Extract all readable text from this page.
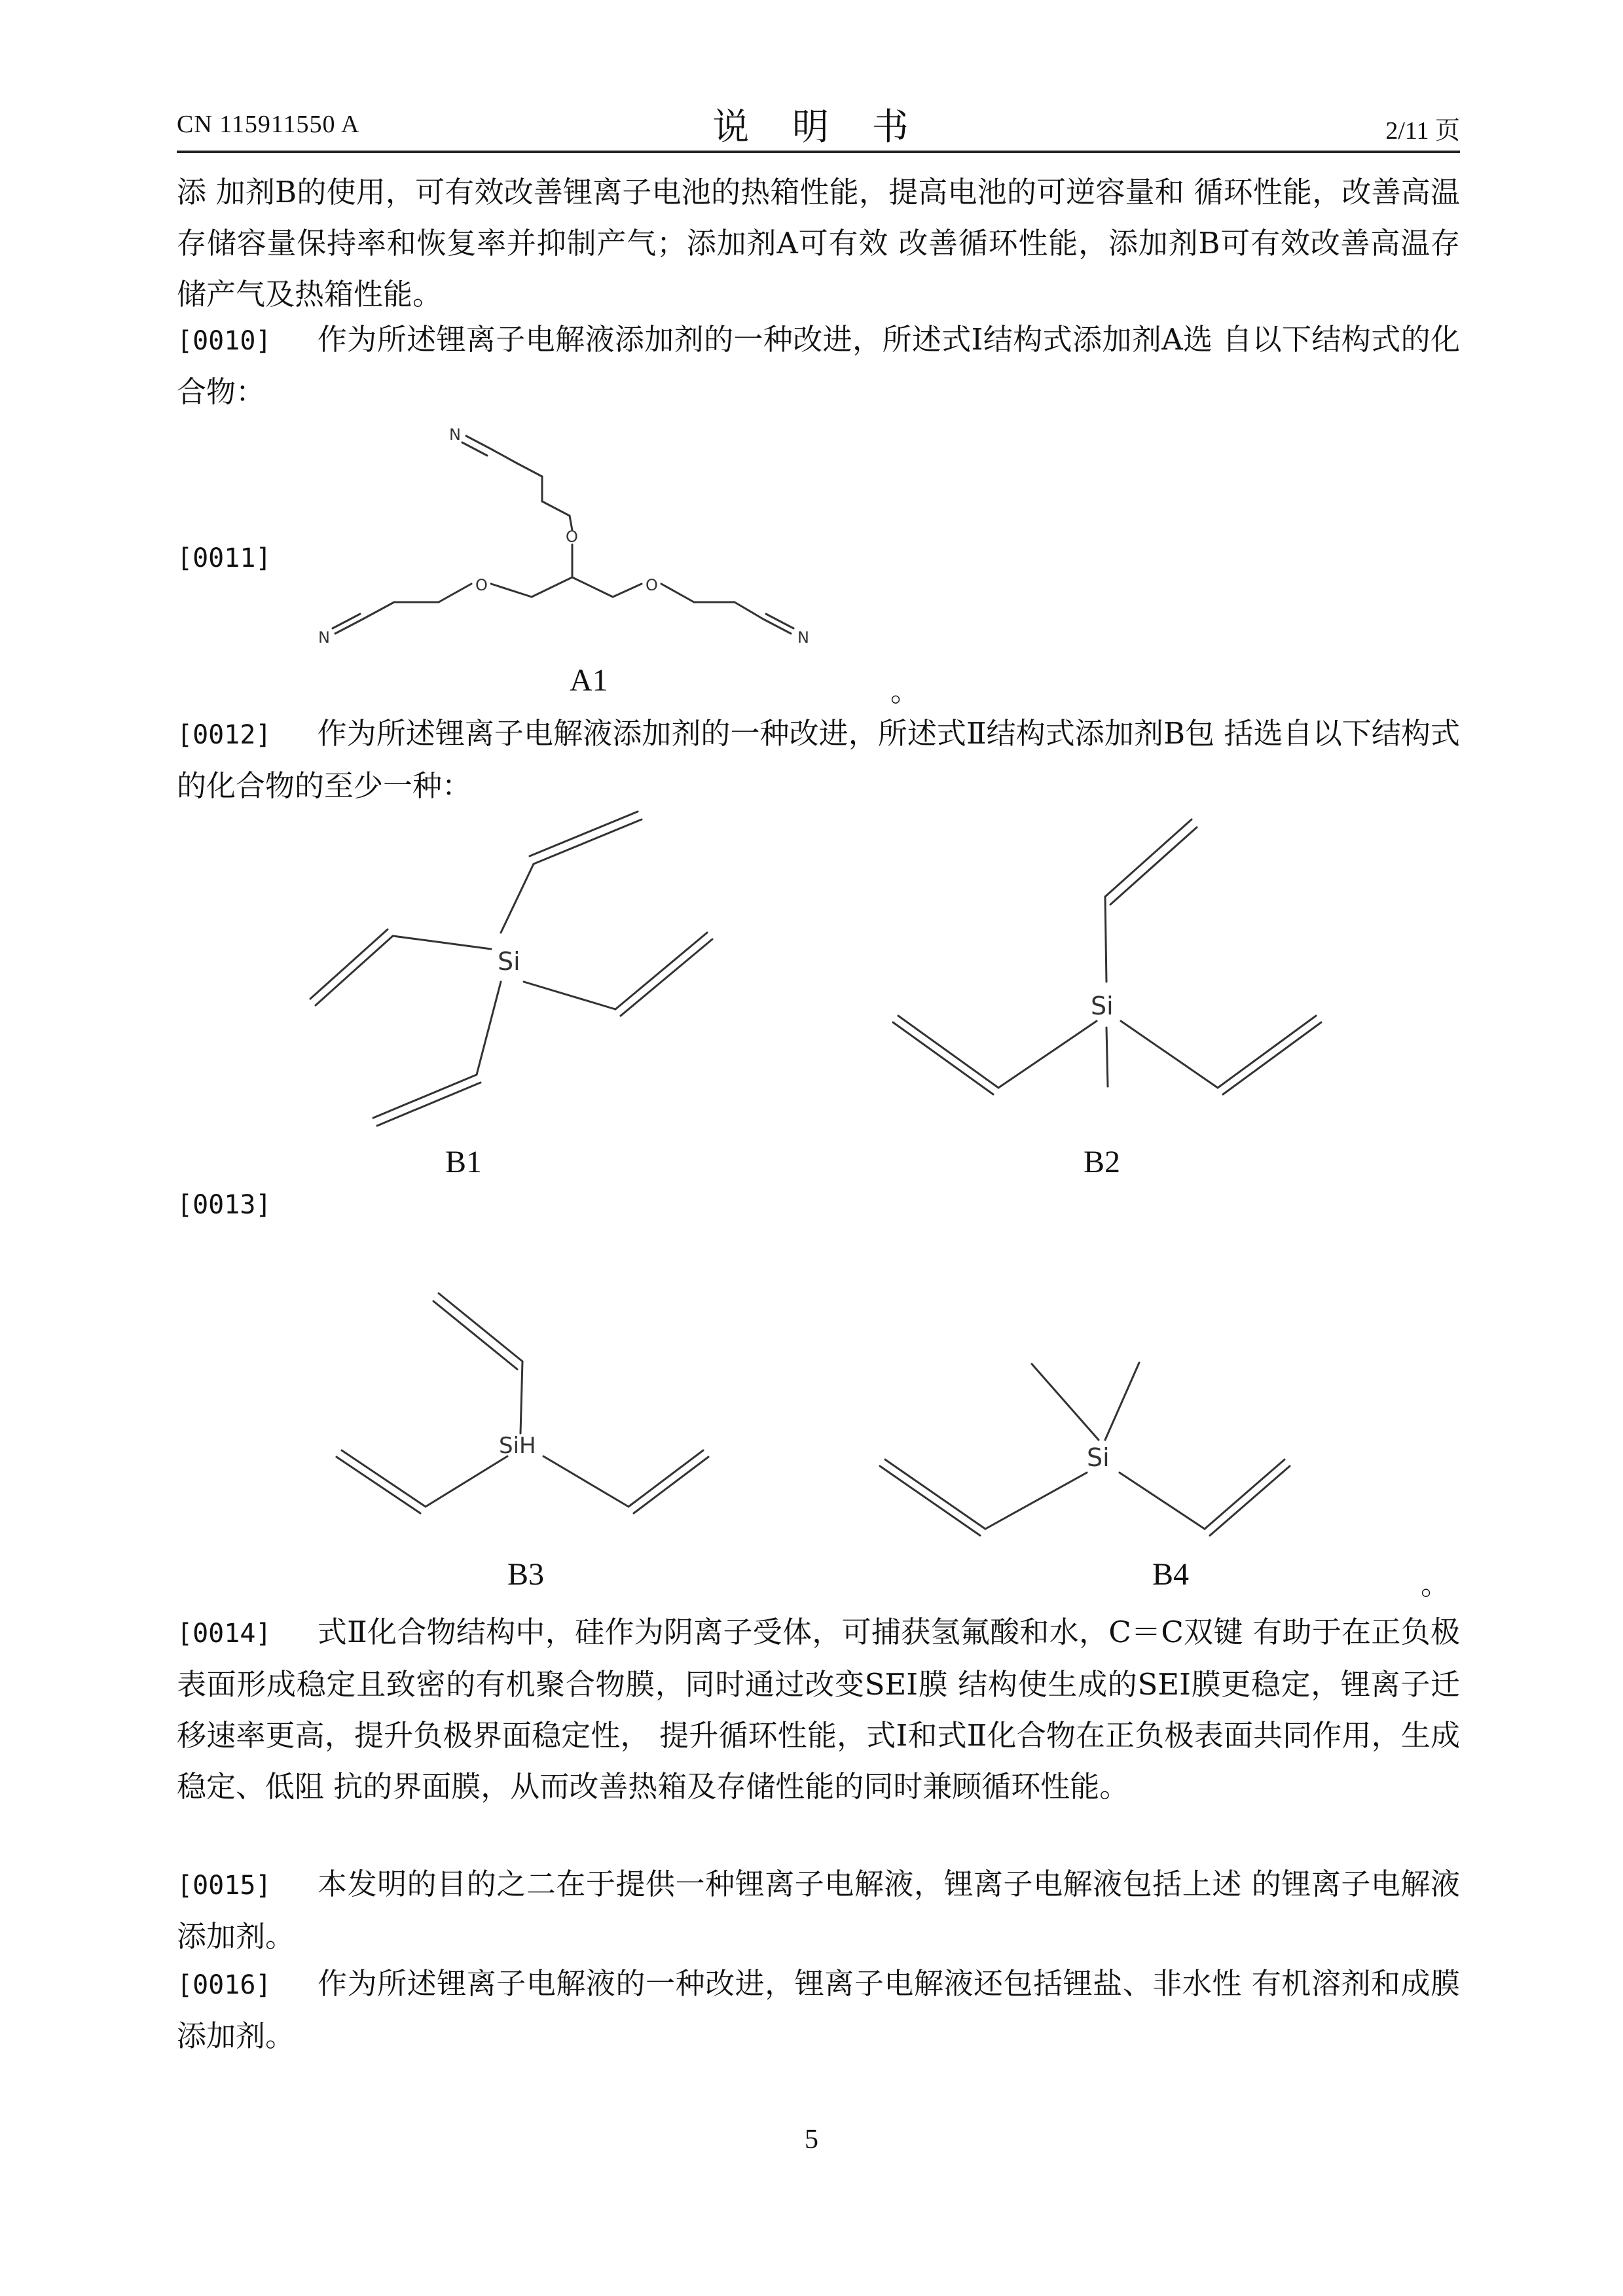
CN 115911550 A	说 明 书	2/11 页
添 加剂B的使用，可有效改善锂离子电池的热箱性能，提高电池的可逆容量和 循环性能，改善高温存储容量保持率和恢复率并抑制产气；添加剂A可有效 改善循环性能，添加剂B可有效改善高温存储产气及热箱性能。
[0010] 作为所述锂离子电解液添加剂的一种改进，所述式Ⅰ结构式添加剂A选 自以下结构式的化合物：
[0011]
N
O
O	O
N	N
A1	。
[0012] 作为所述锂离子电解液添加剂的一种改进，所述式Ⅱ结构式添加剂B包 括选自以下结构式的化合物的至少一种：
Si
B1
Si
B2
[0013]
SiH
B3
Si
B4	。
[0014] 式Ⅱ化合物结构中，硅作为阴离子受体，可捕获氢氟酸和水，C＝C双键 有助于在正负极表面形成稳定且致密的有机聚合物膜，同时通过改变SEI膜 结构使生成的SEI膜更稳定，锂离子迁移速率更高，提升负极界面稳定性， 提升循环性能，式Ⅰ和式Ⅱ化合物在正负极表面共同作用，生成稳定、低阻 抗的界面膜，从而改善热箱及存储性能的同时兼顾循环性能。
[0015] 本发明的目的之二在于提供一种锂离子电解液，锂离子电解液包括上述 的锂离子电解液添加剂。
[0016] 作为所述锂离子电解液的一种改进，锂离子电解液还包括锂盐、非水性 有机溶剂和成膜添加剂。
5
